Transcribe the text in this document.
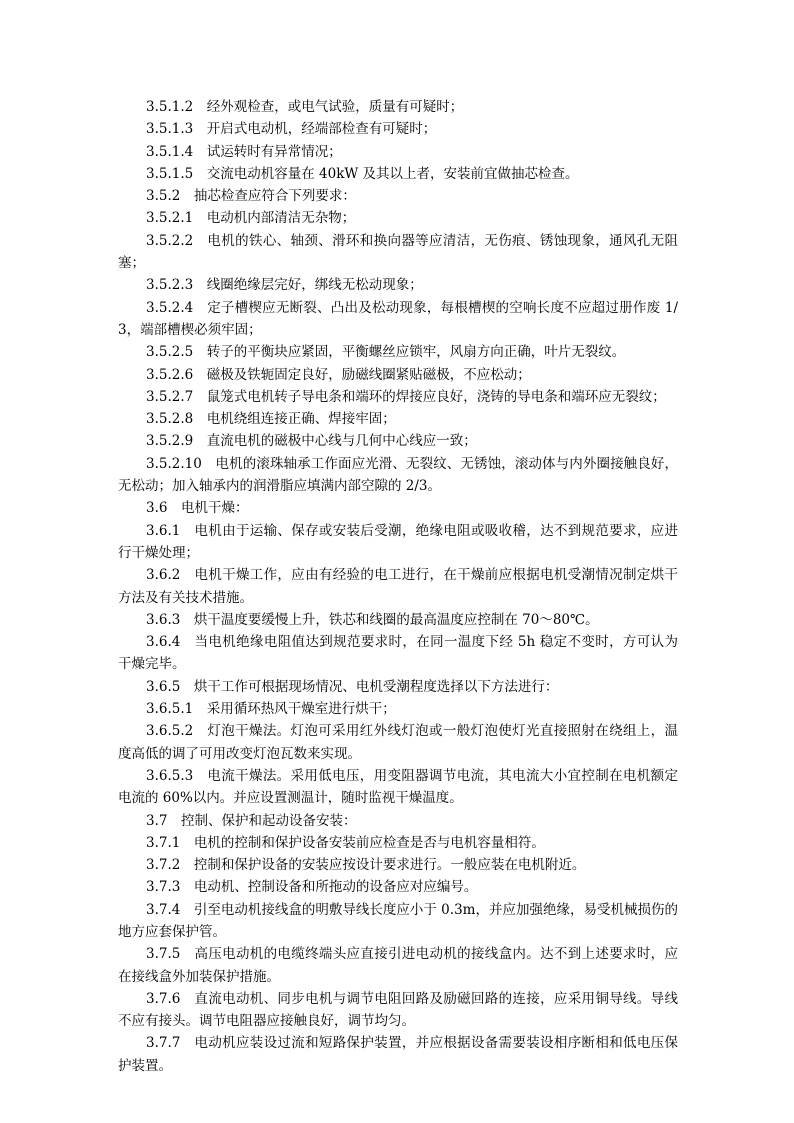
3.5.1.2　经外观检查，或电气试验，质量有可疑时；

3.5.1.3　开启式电动机，经端部检查有可疑时；

3.5.1.4　试运转时有异常情况；

3.5.1.5　交流电动机容量在 40kW 及其以上者，安装前宜做抽芯检查。

3.5.2　抽芯检查应符合下列要求：

3.5.2.1　电动机内部清洁无杂物；

3.5.2.2　电机的铁心、轴颈、滑环和换向器等应清洁，无伤痕、锈蚀现象，通风孔无阻塞；

3.5.2.3　线圈绝缘层完好，绑线无松动现象；

3.5.2.4　定子槽楔应无断裂、凸出及松动现象，每根槽楔的空响长度不应超过册作废 1/3，端部槽楔必须牢固；

3.5.2.5　转子的平衡块应紧固，平衡螺丝应锁牢，风扇方向正确，叶片无裂纹。

3.5.2.6　磁极及铁轭固定良好，励磁线圈紧贴磁极，不应松动；

3.5.2.7　鼠笼式电机转子导电条和端环的焊接应良好，浇铸的导电条和端环应无裂纹；

3.5.2.8　电机绕组连接正确、焊接牢固；

3.5.2.9　直流电机的磁极中心线与几何中心线应一致；

3.5.2.10　电机的滚珠轴承工作面应光滑、无裂纹、无锈蚀，滚动体与内外圈接触良好，无松动；加入轴承内的润滑脂应填满内部空隙的 2/3。

3.6　电机干燥：

3.6.1　电机由于运输、保存或安装后受潮，绝缘电阻或吸收稽，达不到规范要求，应进行干燥处理；

3.6.2　电机干燥工作，应由有经验的电工进行，在干燥前应根据电机受潮情况制定烘干方法及有关技术措施。

3.6.3　烘干温度要缓慢上升，铁芯和线圈的最高温度应控制在 70～80℃。

3.6.4　当电机绝缘电阻值达到规范要求时，在同一温度下经 5h 稳定不变时，方可认为干燥完毕。

3.6.5　烘干工作可根据现场情况、电机受潮程度选择以下方法进行：

3.6.5.1　采用循环热风干燥室进行烘干；

3.6.5.2　灯泡干燥法。灯泡可采用红外线灯泡或一般灯泡使灯光直接照射在绕组上，温度高低的调了可用改变灯泡瓦数来实现。

3.6.5.3　电流干燥法。采用低电压，用变阻器调节电流，其电流大小宜控制在电机额定电流的 60%以内。并应设置测温计，随时监视干燥温度。

3.7　控制、保护和起动设备安装：

3.7.1　电机的控制和保护设备安装前应检查是否与电机容量相符。

3.7.2　控制和保护设备的安装应按设计要求进行。一般应装在电机附近。

3.7.3　电动机、控制设备和所拖动的设备应对应编号。

3.7.4　引至电动机接线盒的明敷导线长度应小于 0.3m，并应加强绝缘，易受机械损伤的地方应套保护管。

3.7.5　高压电动机的电缆终端头应直接引进电动机的接线盒内。达不到上述要求时，应在接线盒外加装保护措施。

3.7.6　直流电动机、同步电机与调节电阻回路及励磁回路的连接，应采用铜导线。导线不应有接头。调节电阻器应接触良好，调节均匀。

3.7.7　电动机应装设过流和短路保护装置，并应根据设备需要装设相序断相和低电压保护装置。
